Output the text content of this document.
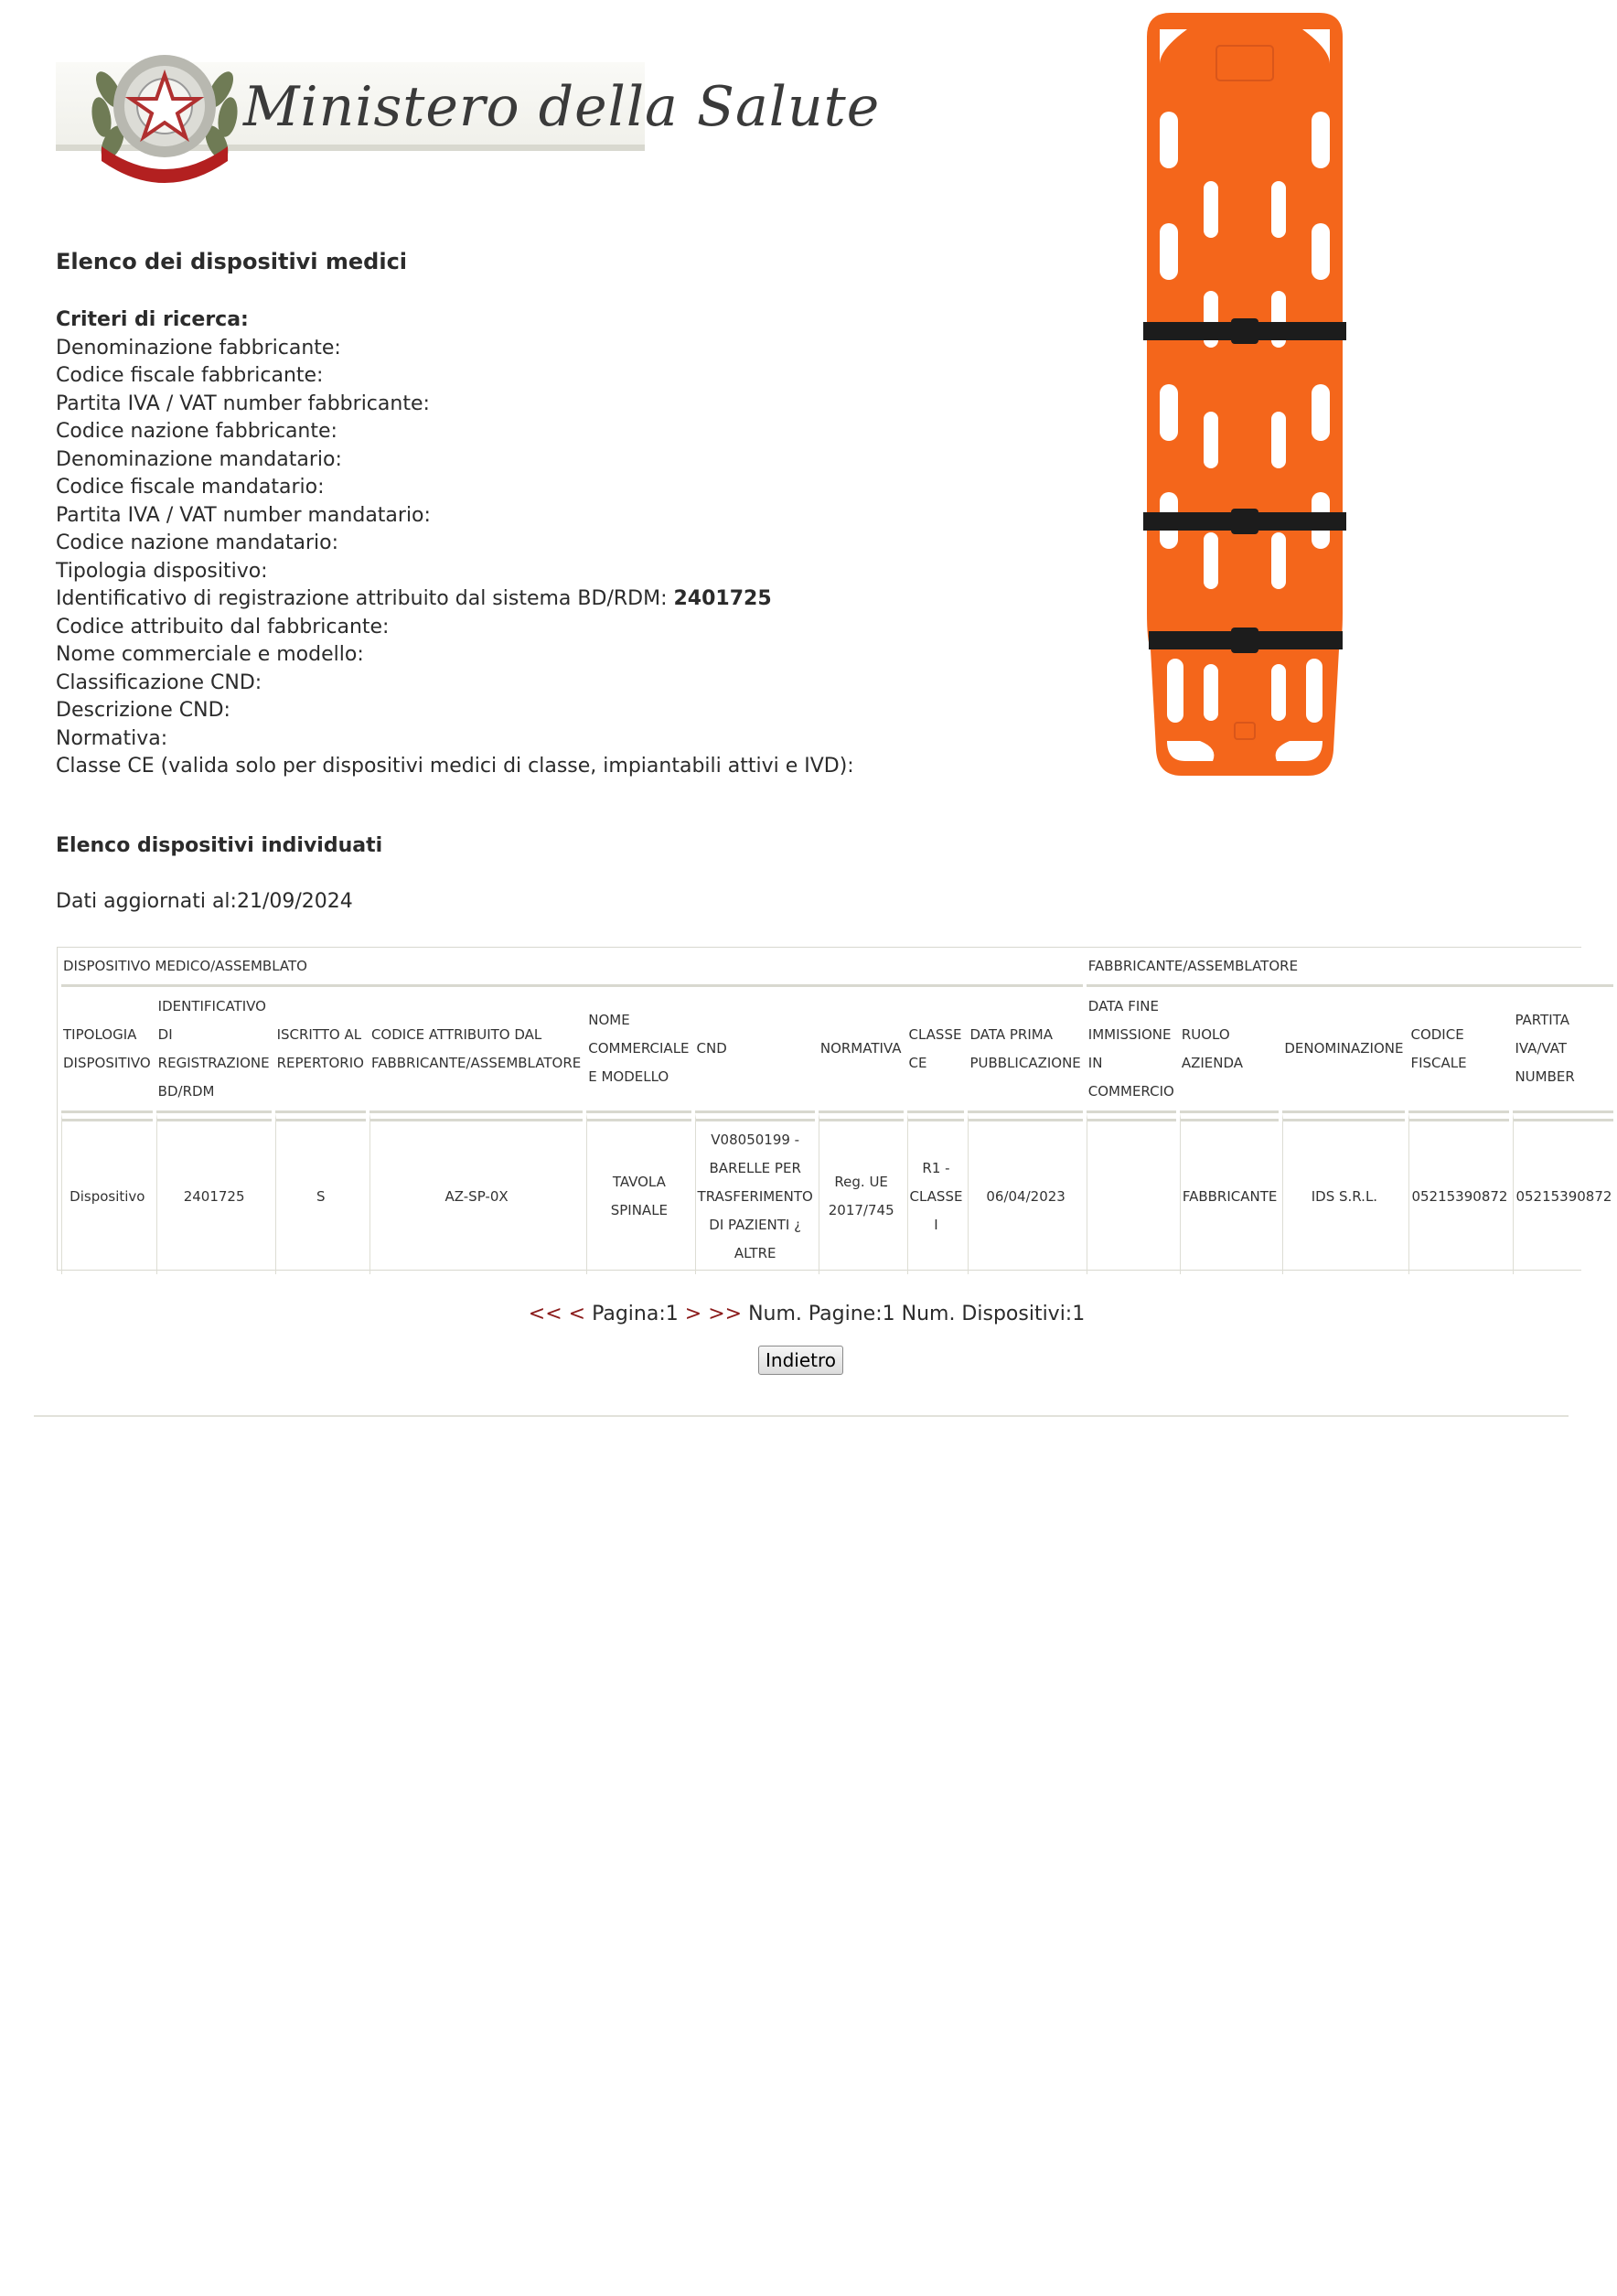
Ministero della Salute
Elenco dei dispositivi medici
Criteri di ricerca:
Denominazione fabbricante:
Codice fiscale fabbricante:
Partita IVA / VAT number fabbricante:
Codice nazione fabbricante:
Denominazione mandatario:
Codice fiscale mandatario:
Partita IVA / VAT number mandatario:
Codice nazione mandatario:
Tipologia dispositivo:
Identificativo di registrazione attribuito dal sistema BD/RDM: 2401725
Codice attribuito dal fabbricante:
Nome commerciale e modello:
Classificazione CND:
Descrizione CND:
Normativa:
Classe CE (valida solo per dispositivi medici di classe, impiantabili attivi e IVD):
Elenco dispositivi individuati
Dati aggiornati al:21/09/2024
DISPOSITIVO MEDICO/ASSEMBLATO									FABBRICANTE/ASSEMBLATORE				
TIPOLOGIA DISPOSITIVO	IDENTIFICATIVO DI REGISTRAZIONE BD/RDM	ISCRITTO AL REPERTORIO	CODICE ATTRIBUITO DAL FABBRICANTE/ASSEMBLATORE	NOME COMMERCIALE E MODELLO	CND	NORMATIVA	CLASSE CE	DATA PRIMA PUBBLICAZIONE	DATA FINE IMMISSIONE IN COMMERCIO	RUOLO AZIENDA	DENOMINAZIONE	CODICE FISCALE	PARTITA IVA/VAT NUMBER
Dispositivo	2401725	S	AZ-SP-0X	TAVOLA SPINALE	V08050199 - BARELLE PER TRASFERIMENTO DI PAZIENTI ¿ ALTRE	Reg. UE 2017/745	R1 - CLASSE I	06/04/2023		FABBRICANTE	IDS S.R.L.	05215390872	05215390872
<< < Pagina:1 > >> Num. Pagine:1 Num. Dispositivi:1
Indietro
